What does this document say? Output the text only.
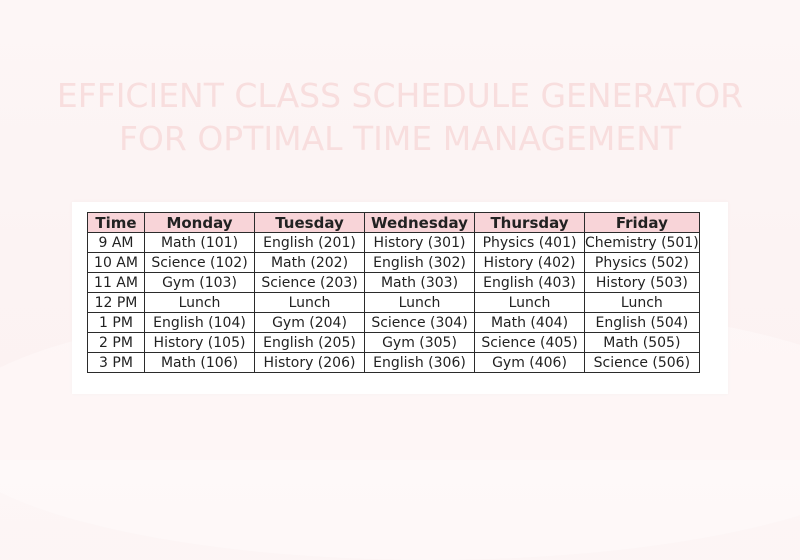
EFFICIENT CLASS SCHEDULE GENERATOR
FOR OPTIMAL TIME MANAGEMENT
Time	Monday	Tuesday	Wednesday	Thursday	Friday
9 AM	Math (101)	English (201)	History (301)	Physics (401)	Chemistry (501)
10 AM	Science (102)	Math (202)	English (302)	History (402)	Physics (502)
11 AM	Gym (103)	Science (203)	Math (303)	English (403)	History (503)
12 PM	Lunch	Lunch	Lunch	Lunch	Lunch
1 PM	English (104)	Gym (204)	Science (304)	Math (404)	English (504)
2 PM	History (105)	English (205)	Gym (305)	Science (405)	Math (505)
3 PM	Math (106)	History (206)	English (306)	Gym (406)	Science (506)
